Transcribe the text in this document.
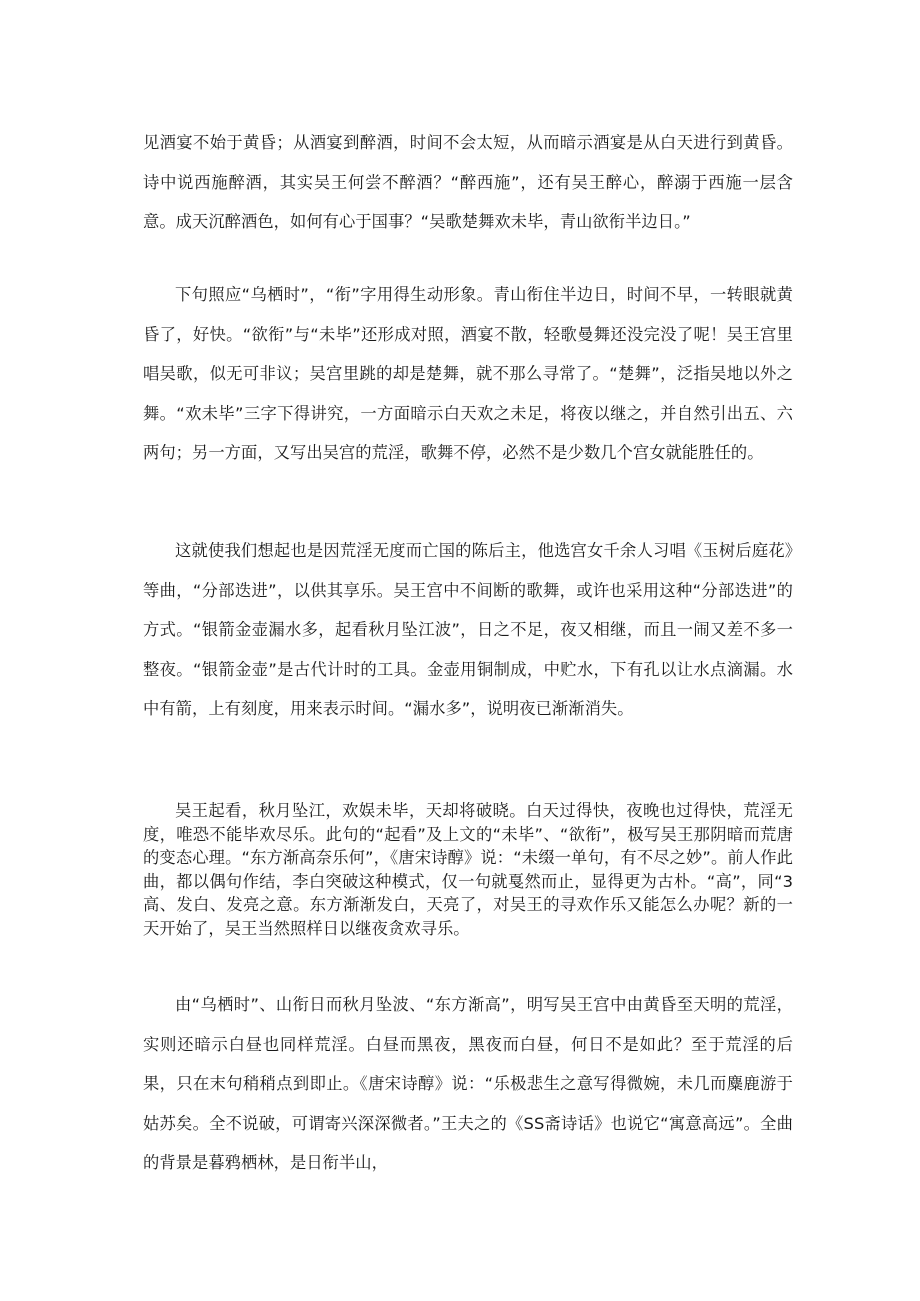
见酒宴不始于黄昏；从酒宴到醉酒，时间不会太短，从而暗示酒宴是从白天进行到黄昏。诗中说西施醉酒，其实吴王何尝不醉酒？“醉西施”，还有吴王醉心，醉溺于西施一层含意。成天沉醉酒色，如何有心于国事？“吴歌楚舞欢未毕，青山欲衔半边日。”

下句照应“乌栖时”，“衔”字用得生动形象。青山衔住半边日，时间不早，一转眼就黄昏了，好快。“欲衔”与“未毕”还形成对照，酒宴不散，轻歌曼舞还没完没了呢！吴王宫里唱吴歌，似无可非议；吴宫里跳的却是楚舞，就不那么寻常了。“楚舞”，泛指吴地以外之舞。“欢未毕”三字下得讲究，一方面暗示白天欢之未足，将夜以继之，并自然引出五、六两句；另一方面，又写出吴宫的荒淫，歌舞不停，必然不是少数几个宫女就能胜任的。

这就使我们想起也是因荒淫无度而亡国的陈后主，他选宫女千余人习唱《玉树后庭花》等曲，“分部迭进”，以供其享乐。吴王宫中不间断的歌舞，或许也采用这种“分部迭进”的方式。“银箭金壶漏水多，起看秋月坠江波”，日之不足，夜又相继，而且一闹又差不多一整夜。“银箭金壶”是古代计时的工具。金壶用铜制成，中贮水，下有孔以让水点滴漏。水中有箭，上有刻度，用来表示时间。“漏水多”，说明夜已渐渐消失。

吴王起看，秋月坠江，欢娱未毕，天却将破晓。白天过得快，夜晚也过得快，荒淫无度，唯恐不能毕欢尽乐。此句的“起看”及上文的“未毕”、“欲衔”，极写吴王那阴暗而荒唐的变态心理。“东方渐高奈乐何”，《唐宋诗醇》说：“未缀一单句，有不尽之妙”。前人作此曲，都以偶句作结，李白突破这种模式，仅一句就戛然而止，显得更为古朴。“高”，同“3高、发白、发亮之意。东方渐渐发白，天亮了，对吴王的寻欢作乐又能怎么办呢？新的一天开始了，吴王当然照样日以继夜贪欢寻乐。

由“乌栖时”、山衔日而秋月坠波、“东方渐高”，明写吴王宫中由黄昏至天明的荒淫，实则还暗示白昼也同样荒淫。白昼而黑夜，黑夜而白昼，何日不是如此？至于荒淫的后果，只在末句稍稍点到即止。《唐宋诗醇》说：“乐极悲生之意写得微婉，未几而麋鹿游于姑苏矣。全不说破，可谓寄兴深深微者。”王夫之的《SS斋诗话》也说它“寓意高远”。全曲的背景是暮鸦栖林，是日衔半山，
